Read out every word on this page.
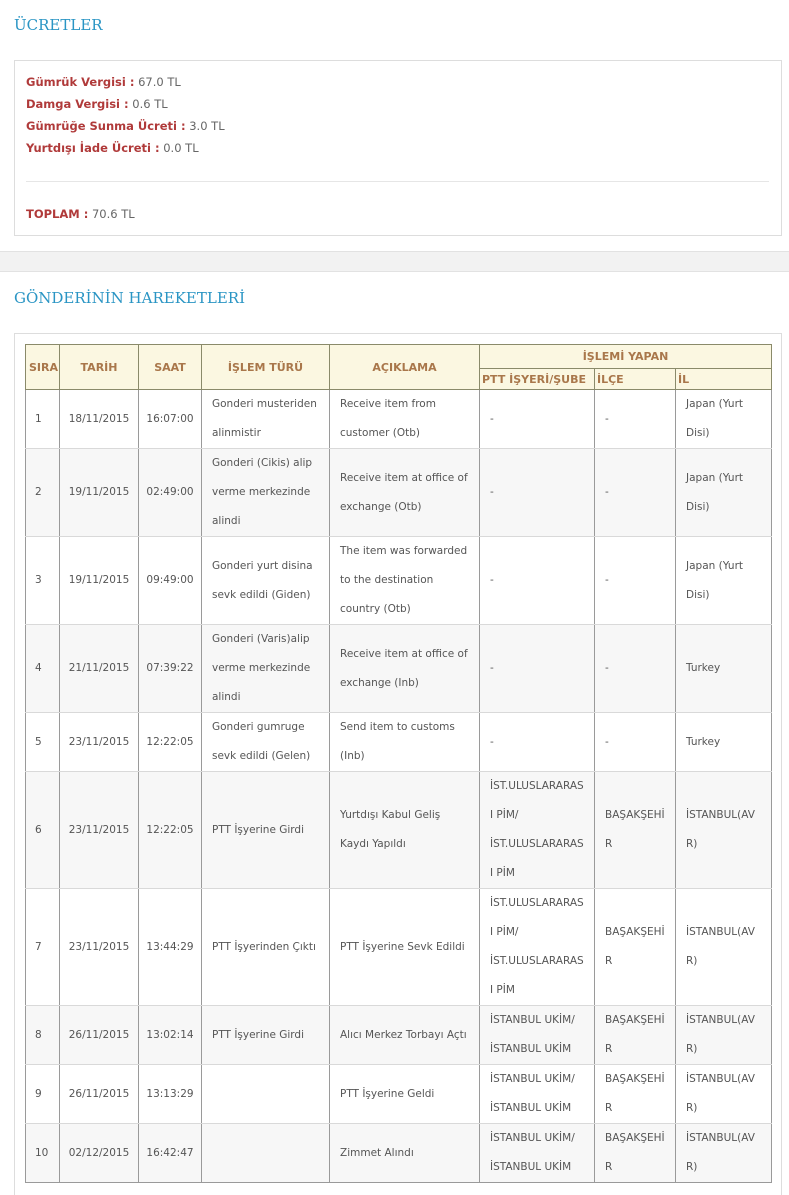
ÜCRETLER
Gümrük Vergisi : 67.0 TL
Damga Vergisi : 0.6 TL
Gümrüğe Sunma Ücreti : 3.0 TL
Yurtdışı İade Ücreti : 0.0 TL
TOPLAM : 70.6 TL
GÖNDERİNİN HAREKETLERİ
SIRA	TARİH	SAAT	İŞLEM TÜRÜ	AÇIKLAMA	İŞLEMİ YAPAN		
					PTT İŞYERİ/ŞUBE	İLÇE	İL
1	18/11/2015	16:07:00	Gonderi musteriden alinmistir	Receive item from customer (Otb)	-	-	Japan (Yurt Disi)
2	19/11/2015	02:49:00	Gonderi (Cikis) alip verme merkezinde alindi	Receive item at office of exchange (Otb)	-	-	Japan (Yurt Disi)
3	19/11/2015	09:49:00	Gonderi yurt disina sevk edildi (Giden)	The item was forwarded to the destination country (Otb)	-	-	Japan (Yurt Disi)
4	21/11/2015	07:39:22	Gonderi (Varis)alip verme merkezinde alindi	Receive item at office of exchange (Inb)	-	-	Turkey
5	23/11/2015	12:22:05	Gonderi gumruge sevk edildi (Gelen)	Send item to customs (Inb)	-	-	Turkey
6	23/11/2015	12:22:05	PTT İşyerine Girdi	Yurtdışı Kabul Geliş Kaydı Yapıldı	İST.ULUSLARARASI PİM/ İST.ULUSLARARASI PİM	BAŞAKŞEHİR	İSTANBUL(AVR)
7	23/11/2015	13:44:29	PTT İşyerinden Çıktı	PTT İşyerine Sevk Edildi	İST.ULUSLARARASI PİM/ İST.ULUSLARARASI PİM	BAŞAKŞEHİR	İSTANBUL(AVR)
8	26/11/2015	13:02:14	PTT İşyerine Girdi	Alıcı Merkez Torbayı Açtı	İSTANBUL UKİM/ İSTANBUL UKİM	BAŞAKŞEHİR	İSTANBUL(AVR)
9	26/11/2015	13:13:29		PTT İşyerine Geldi	İSTANBUL UKİM/ İSTANBUL UKİM	BAŞAKŞEHİR	İSTANBUL(AVR)
10	02/12/2015	16:42:47		Zimmet Alındı	İSTANBUL UKİM/ İSTANBUL UKİM	BAŞAKŞEHİR	İSTANBUL(AVR)
